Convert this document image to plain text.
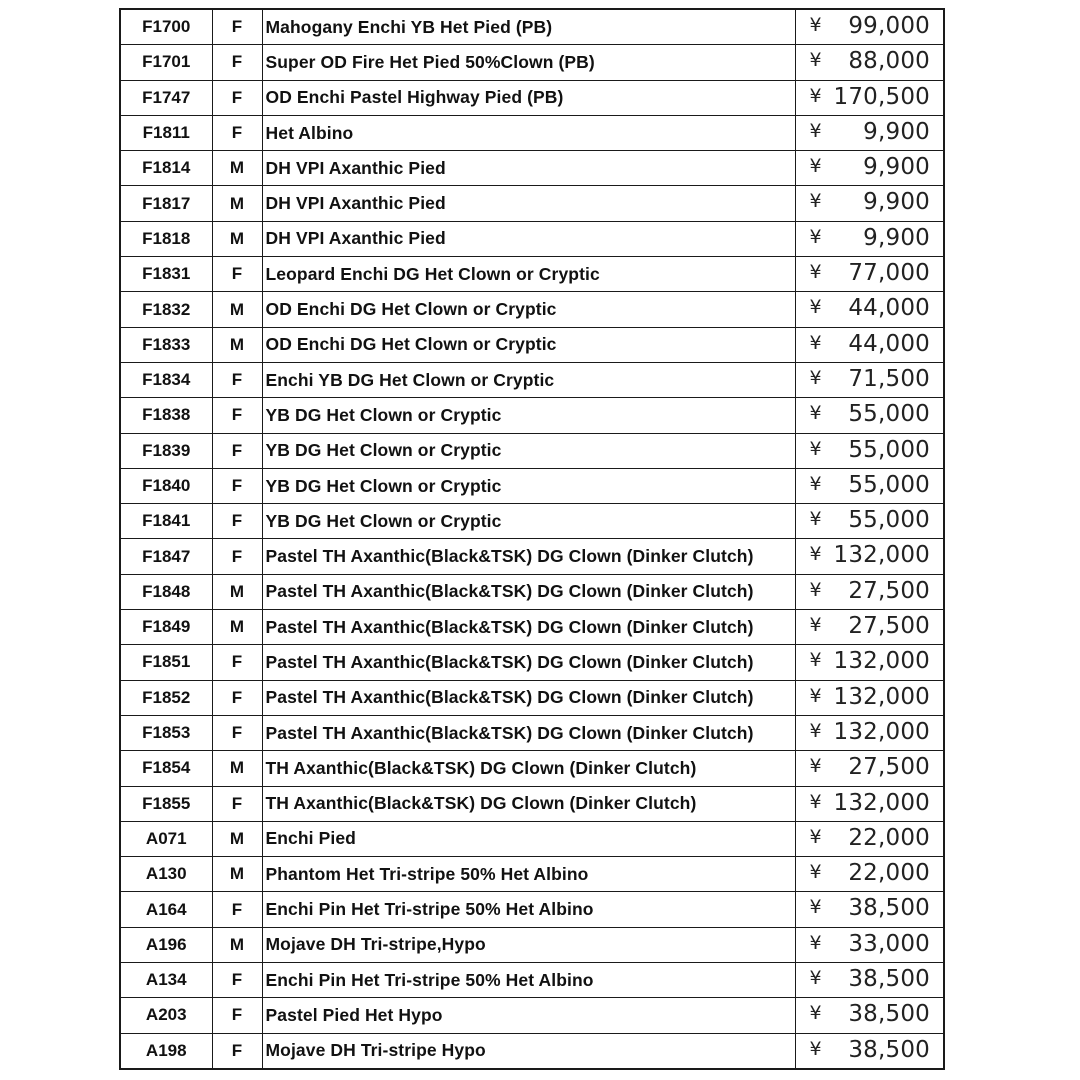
F1700	F	Mahogany Enchi YB Het Pied (PB)	¥ 99,000

F1701	F	Super OD Fire Het Pied 50%Clown (PB)	¥ 88,000

F1747	F	OD Enchi Pastel Highway Pied (PB)	¥ 170,500

F1811	F	Het Albino	¥ 9,900

F1814	M	DH VPI Axanthic Pied	¥ 9,900

F1817	M	DH VPI Axanthic Pied	¥ 9,900

F1818	M	DH VPI Axanthic Pied	¥ 9,900

F1831	F	Leopard Enchi DG Het Clown or Cryptic	¥ 77,000

F1832	M	OD Enchi DG Het Clown or Cryptic	¥ 44,000

F1833	M	OD Enchi DG Het Clown or Cryptic	¥ 44,000

F1834	F	Enchi YB DG Het Clown or Cryptic	¥ 71,500

F1838	F	YB DG Het Clown or Cryptic	¥ 55,000

F1839	F	YB DG Het Clown or Cryptic	¥ 55,000

F1840	F	YB DG Het Clown or Cryptic	¥ 55,000

F1841	F	YB DG Het Clown or Cryptic	¥ 55,000

F1847	F	Pastel TH Axanthic(Black&TSK) DG Clown (Dinker Clutch)	¥ 132,000

F1848	M	Pastel TH Axanthic(Black&TSK) DG Clown (Dinker Clutch)	¥ 27,500

F1849	M	Pastel TH Axanthic(Black&TSK) DG Clown (Dinker Clutch)	¥ 27,500

F1851	F	Pastel TH Axanthic(Black&TSK) DG Clown (Dinker Clutch)	¥ 132,000

F1852	F	Pastel TH Axanthic(Black&TSK) DG Clown (Dinker Clutch)	¥ 132,000

F1853	F	Pastel TH Axanthic(Black&TSK) DG Clown (Dinker Clutch)	¥ 132,000

F1854	M	TH Axanthic(Black&TSK) DG Clown (Dinker Clutch)	¥ 27,500

F1855	F	TH Axanthic(Black&TSK) DG Clown (Dinker Clutch)	¥ 132,000

A071	M	Enchi Pied	¥ 22,000

A130	M	Phantom Het Tri-stripe 50% Het Albino	¥ 22,000

A164	F	Enchi Pin Het Tri-stripe 50% Het Albino	¥ 38,500

A196	M	Mojave DH Tri-stripe,Hypo	¥ 33,000

A134	F	Enchi Pin Het Tri-stripe 50% Het Albino	¥ 38,500

A203	F	Pastel Pied Het Hypo	¥ 38,500

A198	F	Mojave DH Tri-stripe Hypo	¥ 38,500
